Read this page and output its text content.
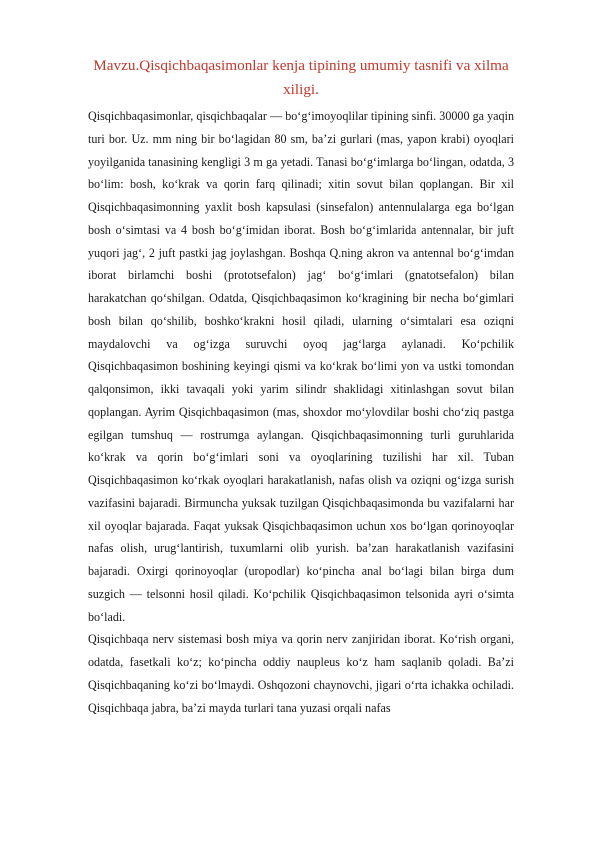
Mavzu.Qisqichbaqasimonlar kenja tipining umumiy tasnifi va xilma xiligi.

Qisqichbaqasimonlar, qisqichbaqalar — bo‘g‘imoyoqlilar tipining sinfi. 30000 ga yaqin turi bor. Uz. mm ning bir bo‘lagidan 80 sm, ba’zi gurlari (mas, yapon krabi) oyoqlari yoyilganida tanasining kengligi 3 m ga yetadi. Tanasi bo‘g‘imlarga bo‘lingan, odatda, 3 bo‘lim: bosh, ko‘krak va qorin farq qilinadi; xitin sovut bilan qoplangan. Bir xil Qisqichbaqasimonning yaxlit bosh kapsulasi (sinsefalon) antennulalarga ega bo‘lgan bosh o‘simtasi va 4 bosh bo‘g‘imidan iborat. Bosh bo‘g‘imlarida antennalar, bir juft yuqori jag‘, 2 juft pastki jag joylashgan. Boshqa Q.ning akron va antennal bo‘g‘imdan iborat birlamchi boshi (prototsefalon) jag‘ bo‘g‘imlari (gnatotsefalon) bilan harakatchan qo‘shilgan. Odatda, Qisqichbaqasimon ko‘kragining bir necha bo‘gimlari bosh bilan qo‘shilib, boshko‘krakni hosil qiladi, ularning o‘simtalari esa oziqni maydalovchi va og‘izga suruvchi oyoq jag‘larga aylanadi. Ko‘pchilik Qisqichbaqasimon boshining keyingi qismi va ko‘krak bo‘limi yon va ustki tomondan qalqonsimon, ikki tavaqali yoki yarim silindr shaklidagi xitinlashgan sovut bilan qoplangan. Ayrim Qisqichbaqasimon (mas, shoxdor mo‘ylovdilar boshi cho‘ziq pastga egilgan tumshuq — rostrumga aylangan. Qisqichbaqasimonning turli guruhlarida ko‘krak va qorin bo‘g‘imlari soni va oyoqlarining tuzilishi har xil. Tuban Qisqichbaqasimon ko‘rkak oyoqlari harakatlanish, nafas olish va oziqni og‘izga surish vazifasini bajaradi. Birmuncha yuksak tuzilgan Qisqichbaqasimonda bu vazifalarni har xil oyoqlar bajarada. Faqat yuksak Qisqichbaqasimon uchun xos bo‘lgan qorinoyoqlar nafas olish, urug‘lantirish, tuxumlarni olib yurish. ba’zan harakatlanish vazifasini bajaradi. Oxirgi qorinoyoqlar (uropodlar) ko‘pincha anal bo‘lagi bilan birga dum suzgich — telsonni hosil qiladi. Ko‘pchilik Qisqichbaqasimon telsonida ayri o‘simta bo‘ladi.

Qisqichbaqa nerv sistemasi bosh miya va qorin nerv zanjiridan iborat. Ko‘rish organi, odatda, fasetkali ko‘z; ko‘pincha oddiy naupleus ko‘z ham saqlanib qoladi. Ba’zi Qisqichbaqaning ko‘zi bo‘lmaydi. Oshqozoni chaynovchi, jigari o‘rta ichakka ochiladi. Qisqichbaqa jabra, ba’zi mayda turlari tana yuzasi orqali nafas
